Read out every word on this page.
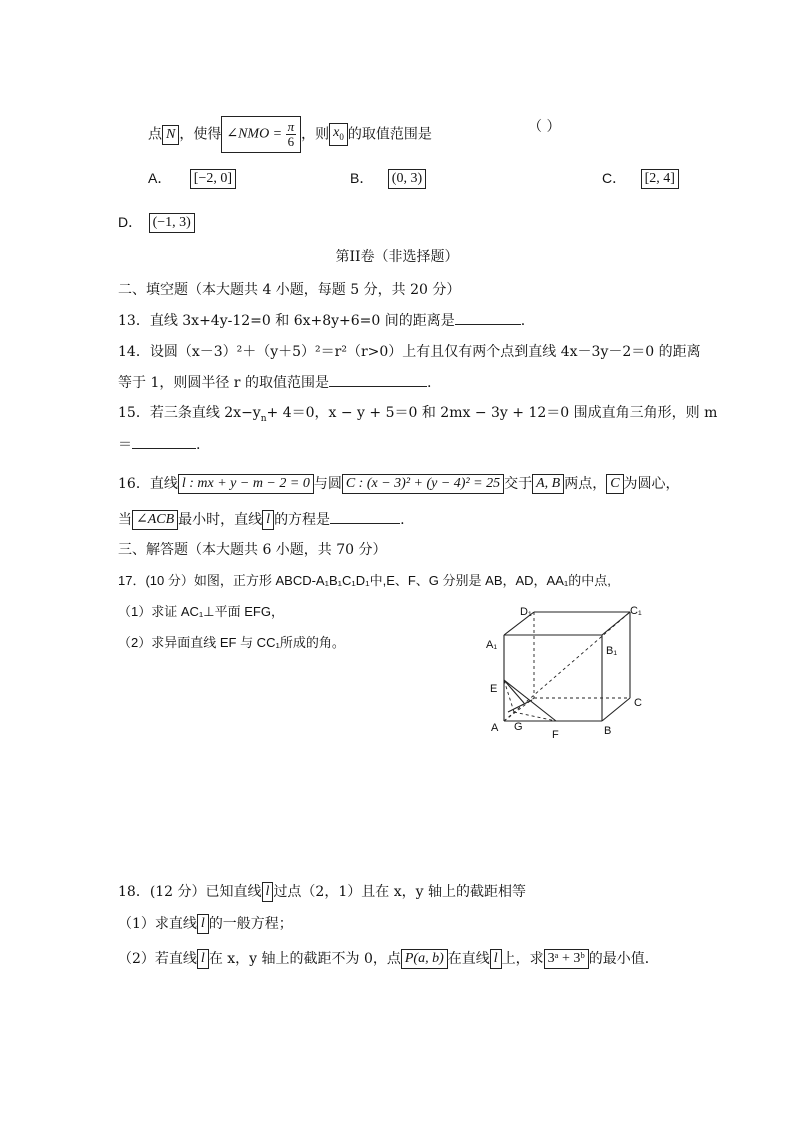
点 N ，使得 ∠NMO = $\frac{\pi}{6}$ ，则 $x_0$ 的取值范围是	（ ）
A． [−2, 0]	B． (0, 3)	C． [2, 4]
D． (−1, 3)
第II卷（非选择题）
二、填空题（本大题共 4 小题，每题 5 分，共 20 分）
13．直线 3x+4y-12=0 和 6x+8y+6=0 间的距离是	.
14．设圆（x－3）²＋（y＋5）²＝r²（r>0）上有且仅有两个点到直线 4x－3y－2＝0 的距离
等于 1，则圆半径 r 的取值范围是	.
15．若三条直线 $2x-y_n+ 4=0$，x − y + 5＝0 和 2mx − 3y + 12＝0 围成直角三角形，则 m
＝	.
16．直线 l : mx + y − m − 2 = 0 与圆 C : (x − 3)² + (y − 4)² = 25 交于 A, B 两点， C 为圆心，
当 ∠ACB 最小时，直线 l 的方程是	.
三、解答题（本大题共 6 小题，共 70 分）
17．(10 分）如图，正方形 ABCD-A₁B₁C₁D₁中,E、F、G 分别是 AB，AD，AA₁的中点,
（1）求证 AC₁⊥平面 EFG，
（2）求异面直线 EF 与 CC₁所成的角。
D₁	C₁
A₁	B₁
E
C
A G
F	B
18．(12 分）已知直线 l 过点（2，1）且在 x，y 轴上的截距相等
（1）求直线 l 的一般方程；
（2）若直线 l 在 x，y 轴上的截距不为 0，点 P(a, b) 在直线 l 上，求 3ᵃ + 3ᵇ 的最小值．
